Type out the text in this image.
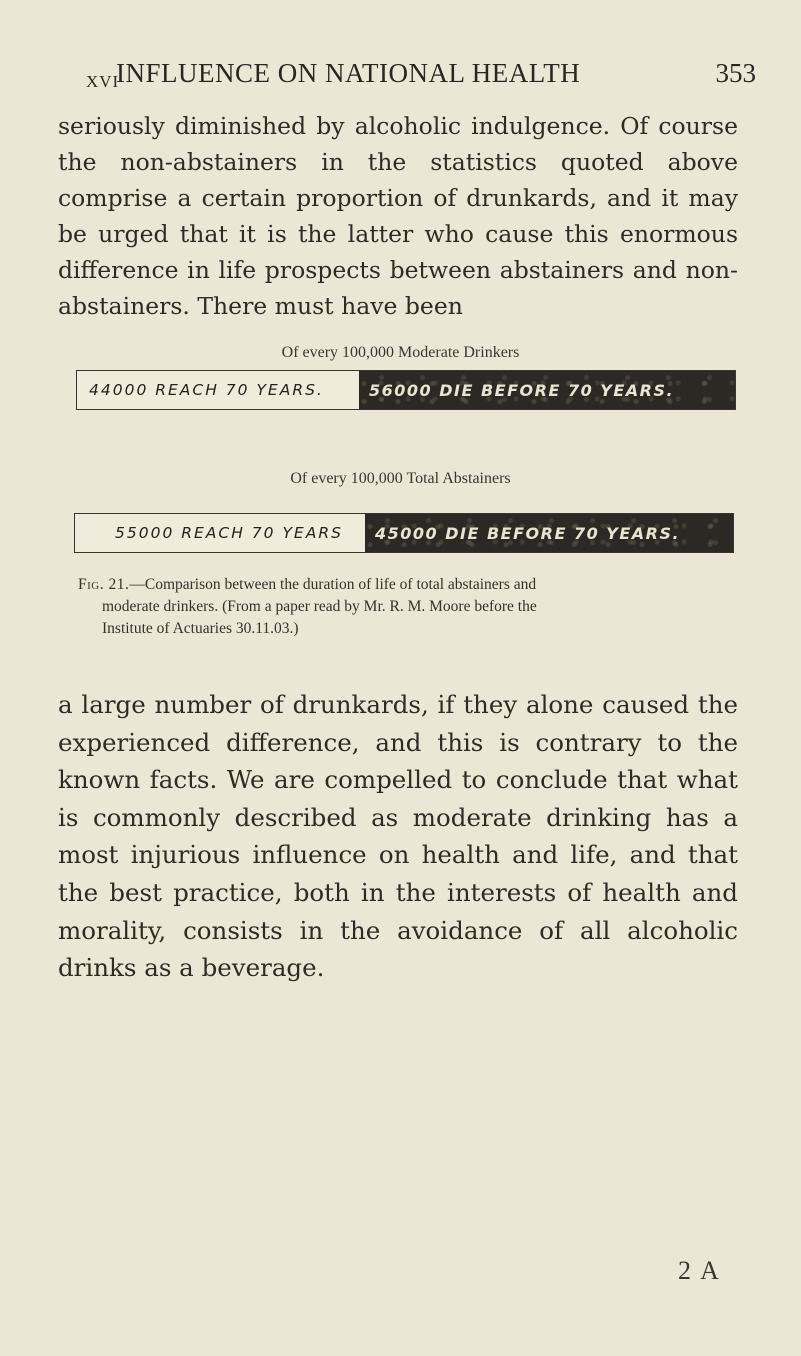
XVI
INFLUENCE ON NATIONAL HEALTH	353

seriously diminished by alcoholic indulgence. Of course the non-abstainers in the statistics quoted above comprise a certain proportion of drunkards, and it may be urged that it is the latter who cause this enormous difference in life prospects between abstainers and non-abstainers. There must have been

Of every 100,000 Moderate Drinkers
44000 REACH 70 YEARS.	56000 DIE BEFORE 70 YEARS.
Of every 100,000 Total Abstainers
55000 REACH 70 YEARS	45000 DIE BEFORE 70 YEARS.
Fig. 21.—Comparison between the duration of life of total abstainers and
moderate drinkers. (From a paper read by Mr. R. M. Moore before the
Institute of Actuaries 30.11.03.)

a large number of drunkards, if they alone caused the experienced difference, and this is contrary to the known facts. We are compelled to conclude that what is commonly described as moderate drinking has a most injurious influence on health and life, and that the best practice, both in the interests of health and morality, consists in the avoidance of all alcoholic drinks as a beverage.

2 A
